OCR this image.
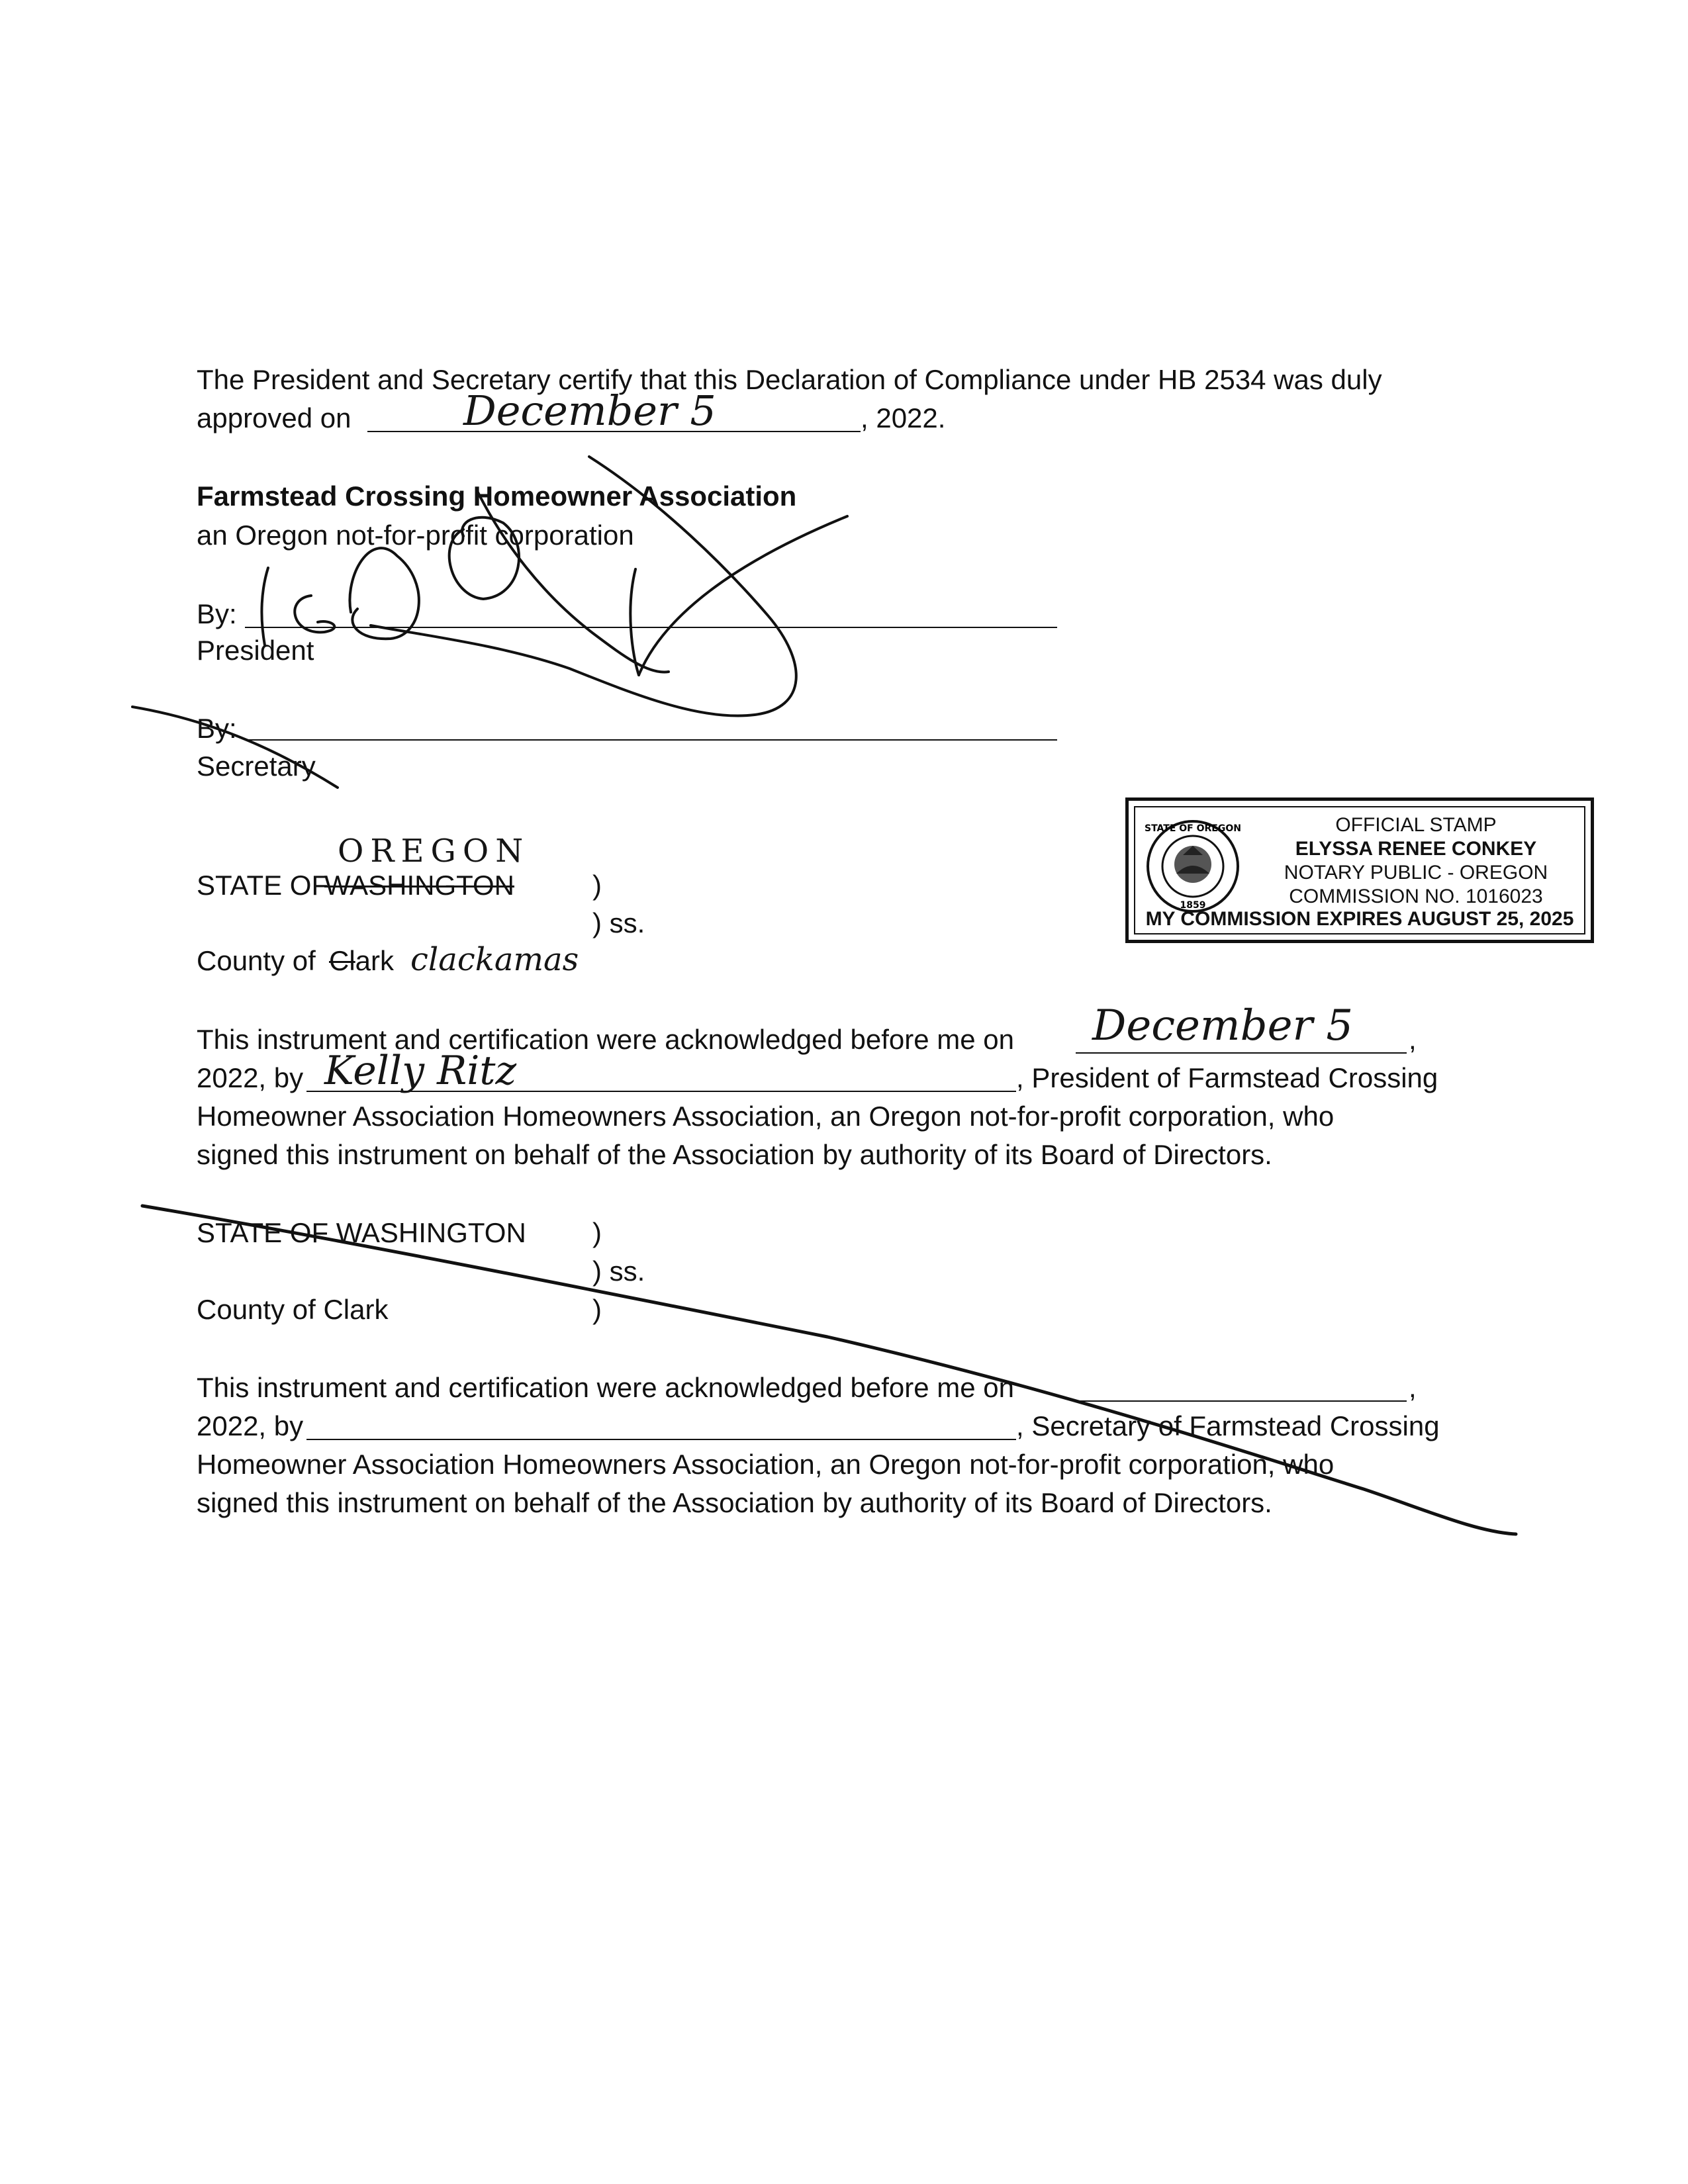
The President and Secretary certify that this Declaration of Compliance under HB 2534 was duly
approved on	December 5	, 2022.
Farmstead Crossing Homeowner Association
an Oregon not-for-profit corporation
By:
President
By:
Secretary
STATE OF OREGON
1859
OFFICIAL STAMP
ELYSSA RENEE CONKEY
NOTARY PUBLIC - OREGON
COMMISSION NO. 1016023
MY COMMISSION EXPIRES AUGUST 25, 2025
OREGON
STATE OF
WASHINGTON	)
) ss.
County of Clark clackamas
This instrument and certification were acknowledged before me on December 5 ,
2022, by Kelly Ritz	, President of Farmstead Crossing
Homeowner Association Homeowners Association, an Oregon not-for-profit corporation, who
signed this instrument on behalf of the Association by authority of its Board of Directors.
STATE OF WASHINGTON )
) ss.
County of Clark	)
This instrument and certification were acknowledged before me on	,
2022, by	, Secretary of Farmstead Crossing
Homeowner Association Homeowners Association, an Oregon not-for-profit corporation, who
signed this instrument on behalf of the Association by authority of its Board of Directors.
